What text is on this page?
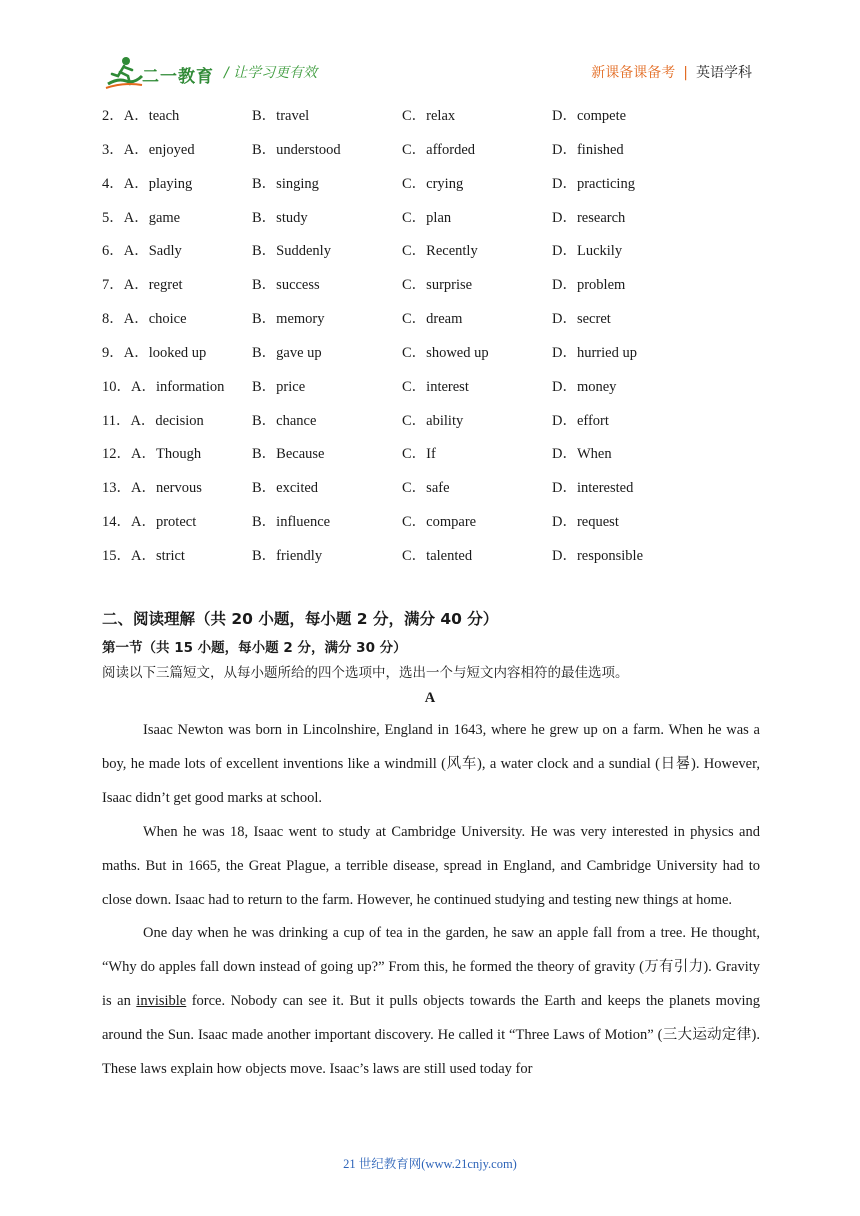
二一教育 / 让学习更有效	新课备课备考 | 英语学科
2．A．teach	B．travel	C．relax	D．compete
3．A．enjoyed	B．understood	C．afforded	D．finished
4．A．playing	B．singing	C．crying	D．practicing
5．A．game	B．study	C．plan	D．research
6．A．Sadly	B．Suddenly	C．Recently	D．Luckily
7．A．regret	B．success	C．surprise	D．problem
8．A．choice	B．memory	C．dream	D．secret
9．A．looked up	B．gave up	C．showed up	D．hurried up
10．A．information B．price	C．interest	D．money
11．A．decision	B．chance	C．ability	D．effort
12．A．Though	B．Because	C．If	D．When
13．A．nervous	B．excited	C．safe	D．interested
14．A．protect	B．influence	C．compare	D．request
15．A．strict	B．friendly	C．talented	D．responsible
二、阅读理解（共 20 小题，每小题 2 分，满分 40 分）
第一节（共 15 小题，每小题 2 分，满分 30 分）
阅读以下三篇短文，从每小题所给的四个选项中，选出一个与短文内容相符的最佳选项。
A

Isaac Newton was born in Lincolnshire, England in 1643, where he grew up on a farm. When he was a boy, he made lots of excellent inventions like a windmill (风车), a water clock and a sundial (日晷). However, Isaac didn’t get good marks at school.

When he was 18, Isaac went to study at Cambridge University. He was very interested in physics and maths. But in 1665, the Great Plague, a terrible disease, spread in England, and Cambridge University had to close down. Isaac had to return to the farm. However, he continued studying and testing new things at home.

One day when he was drinking a cup of tea in the garden, he saw an apple fall from a tree. He thought, “Why do apples fall down instead of going up?” From this, he formed the theory of gravity (万有引力). Gravity is an invisible force. Nobody can see it. But it pulls objects towards the Earth and keeps the planets moving around the Sun. Isaac made another important discovery. He called it “Three Laws of Motion” (三大运动定律). These laws explain how objects move. Isaac’s laws are still used today for

21 世纪教育网(www.21cnjy.com)
